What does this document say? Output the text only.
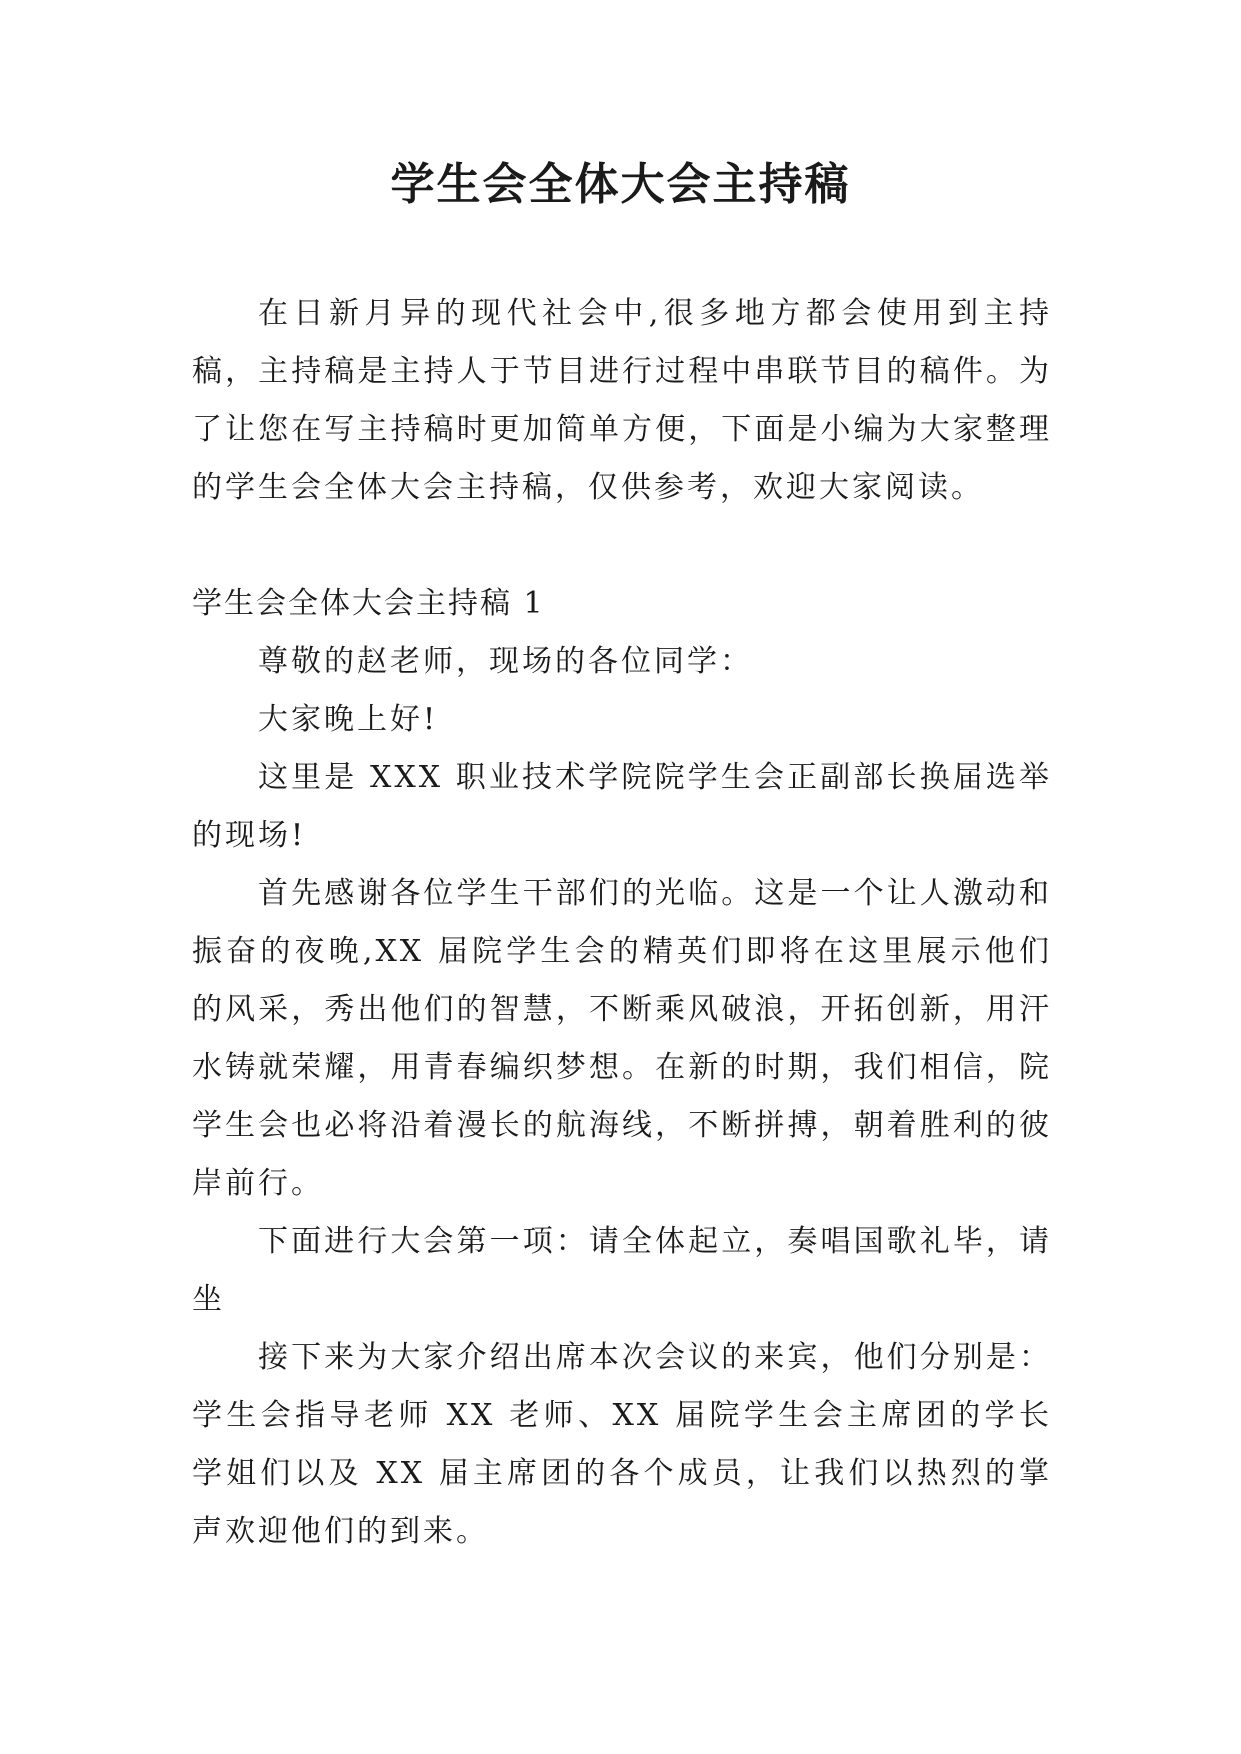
学生会全体大会主持稿

在日新月异的现代社会中,很多地方都会使用到主持稿，主持稿是主持人于节目进行过程中串联节目的稿件。为了让您在写主持稿时更加简单方便，下面是小编为大家整理的学生会全体大会主持稿，仅供参考，欢迎大家阅读。

学生会全体大会主持稿 1

尊敬的赵老师，现场的各位同学：

大家晚上好!

这里是 XXX 职业技术学院院学生会正副部长换届选举的现场!

首先感谢各位学生干部们的光临。这是一个让人激动和振奋的夜晚,XX 届院学生会的精英们即将在这里展示他们的风采，秀出他们的智慧，不断乘风破浪，开拓创新，用汗水铸就荣耀，用青春编织梦想。在新的时期，我们相信，院学生会也必将沿着漫长的航海线，不断拼搏，朝着胜利的彼岸前行。

下面进行大会第一项：请全体起立，奏唱国歌礼毕，请坐

接下来为大家介绍出席本次会议的来宾，他们分别是：学生会指导老师 XX 老师、XX 届院学生会主席团的学长学姐们以及 XX 届主席团的各个成员，让我们以热烈的掌声欢迎他们的到来。
